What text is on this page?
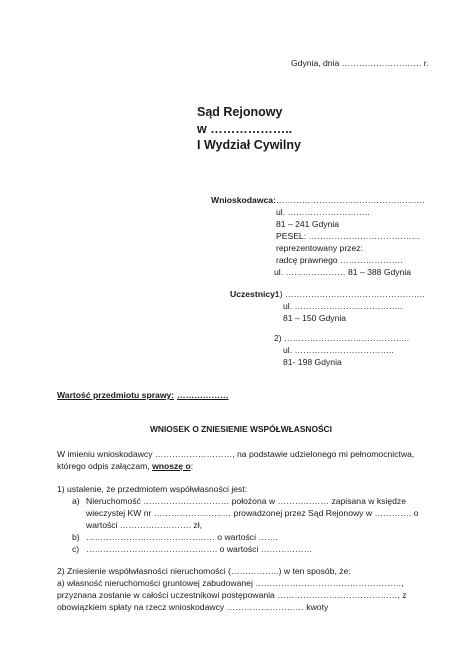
Gdynia, dnia ………………………. r.
Sąd Rejonowy
w ………………..
I Wydział Cywilny
Wnioskodawca: …………………………………………….
ul. ………………………..
81 – 241 Gdynia
PESEL: …………………………………
reprezentowany przez:
radcę prawnego ………………….
ul. ………………… 81 – 388 Gdynia
Uczestnicy:
1) ………………………………………….
ul. ………………………………..
81 – 150 Gdynia
2) ……………………………………..
ul. ……………………………..
81- 198 Gdynia
Wartość przedmiotu sprawy: ………………
WNIOSEK O ZNIESIENIE WSPÓŁWŁASNOŚCI
W imieniu wnioskodawcy ………………………, na podstawie udzielonego mi pełnomocnictwa,
którego odpis załączam, wnoszę o:
1) ustalenie, że przedmiotem współwłasności jest:
a) Nieruchomość ………………………… położona w ……………… zapisana w księdze
wieczystej KW nr ……………………… prowadzonej przez Sąd Rejonowy w …………. o
wartości ……………………. zł,
b) ……………………………………… o wartości …….
c) ………………………………………. o wartości ………………
2) Zniesienie współwłasności nieruchomości (……………..) w ten sposób, że:
a) własność nieruchomości gruntowej zabudowanej ……………………………………………,
przyznana zostanie w całości uczestnikowi postępowania ……………………………………, z
obowiązkiem spłaty na rzecz wnioskodawcy ……………………… kwoty
